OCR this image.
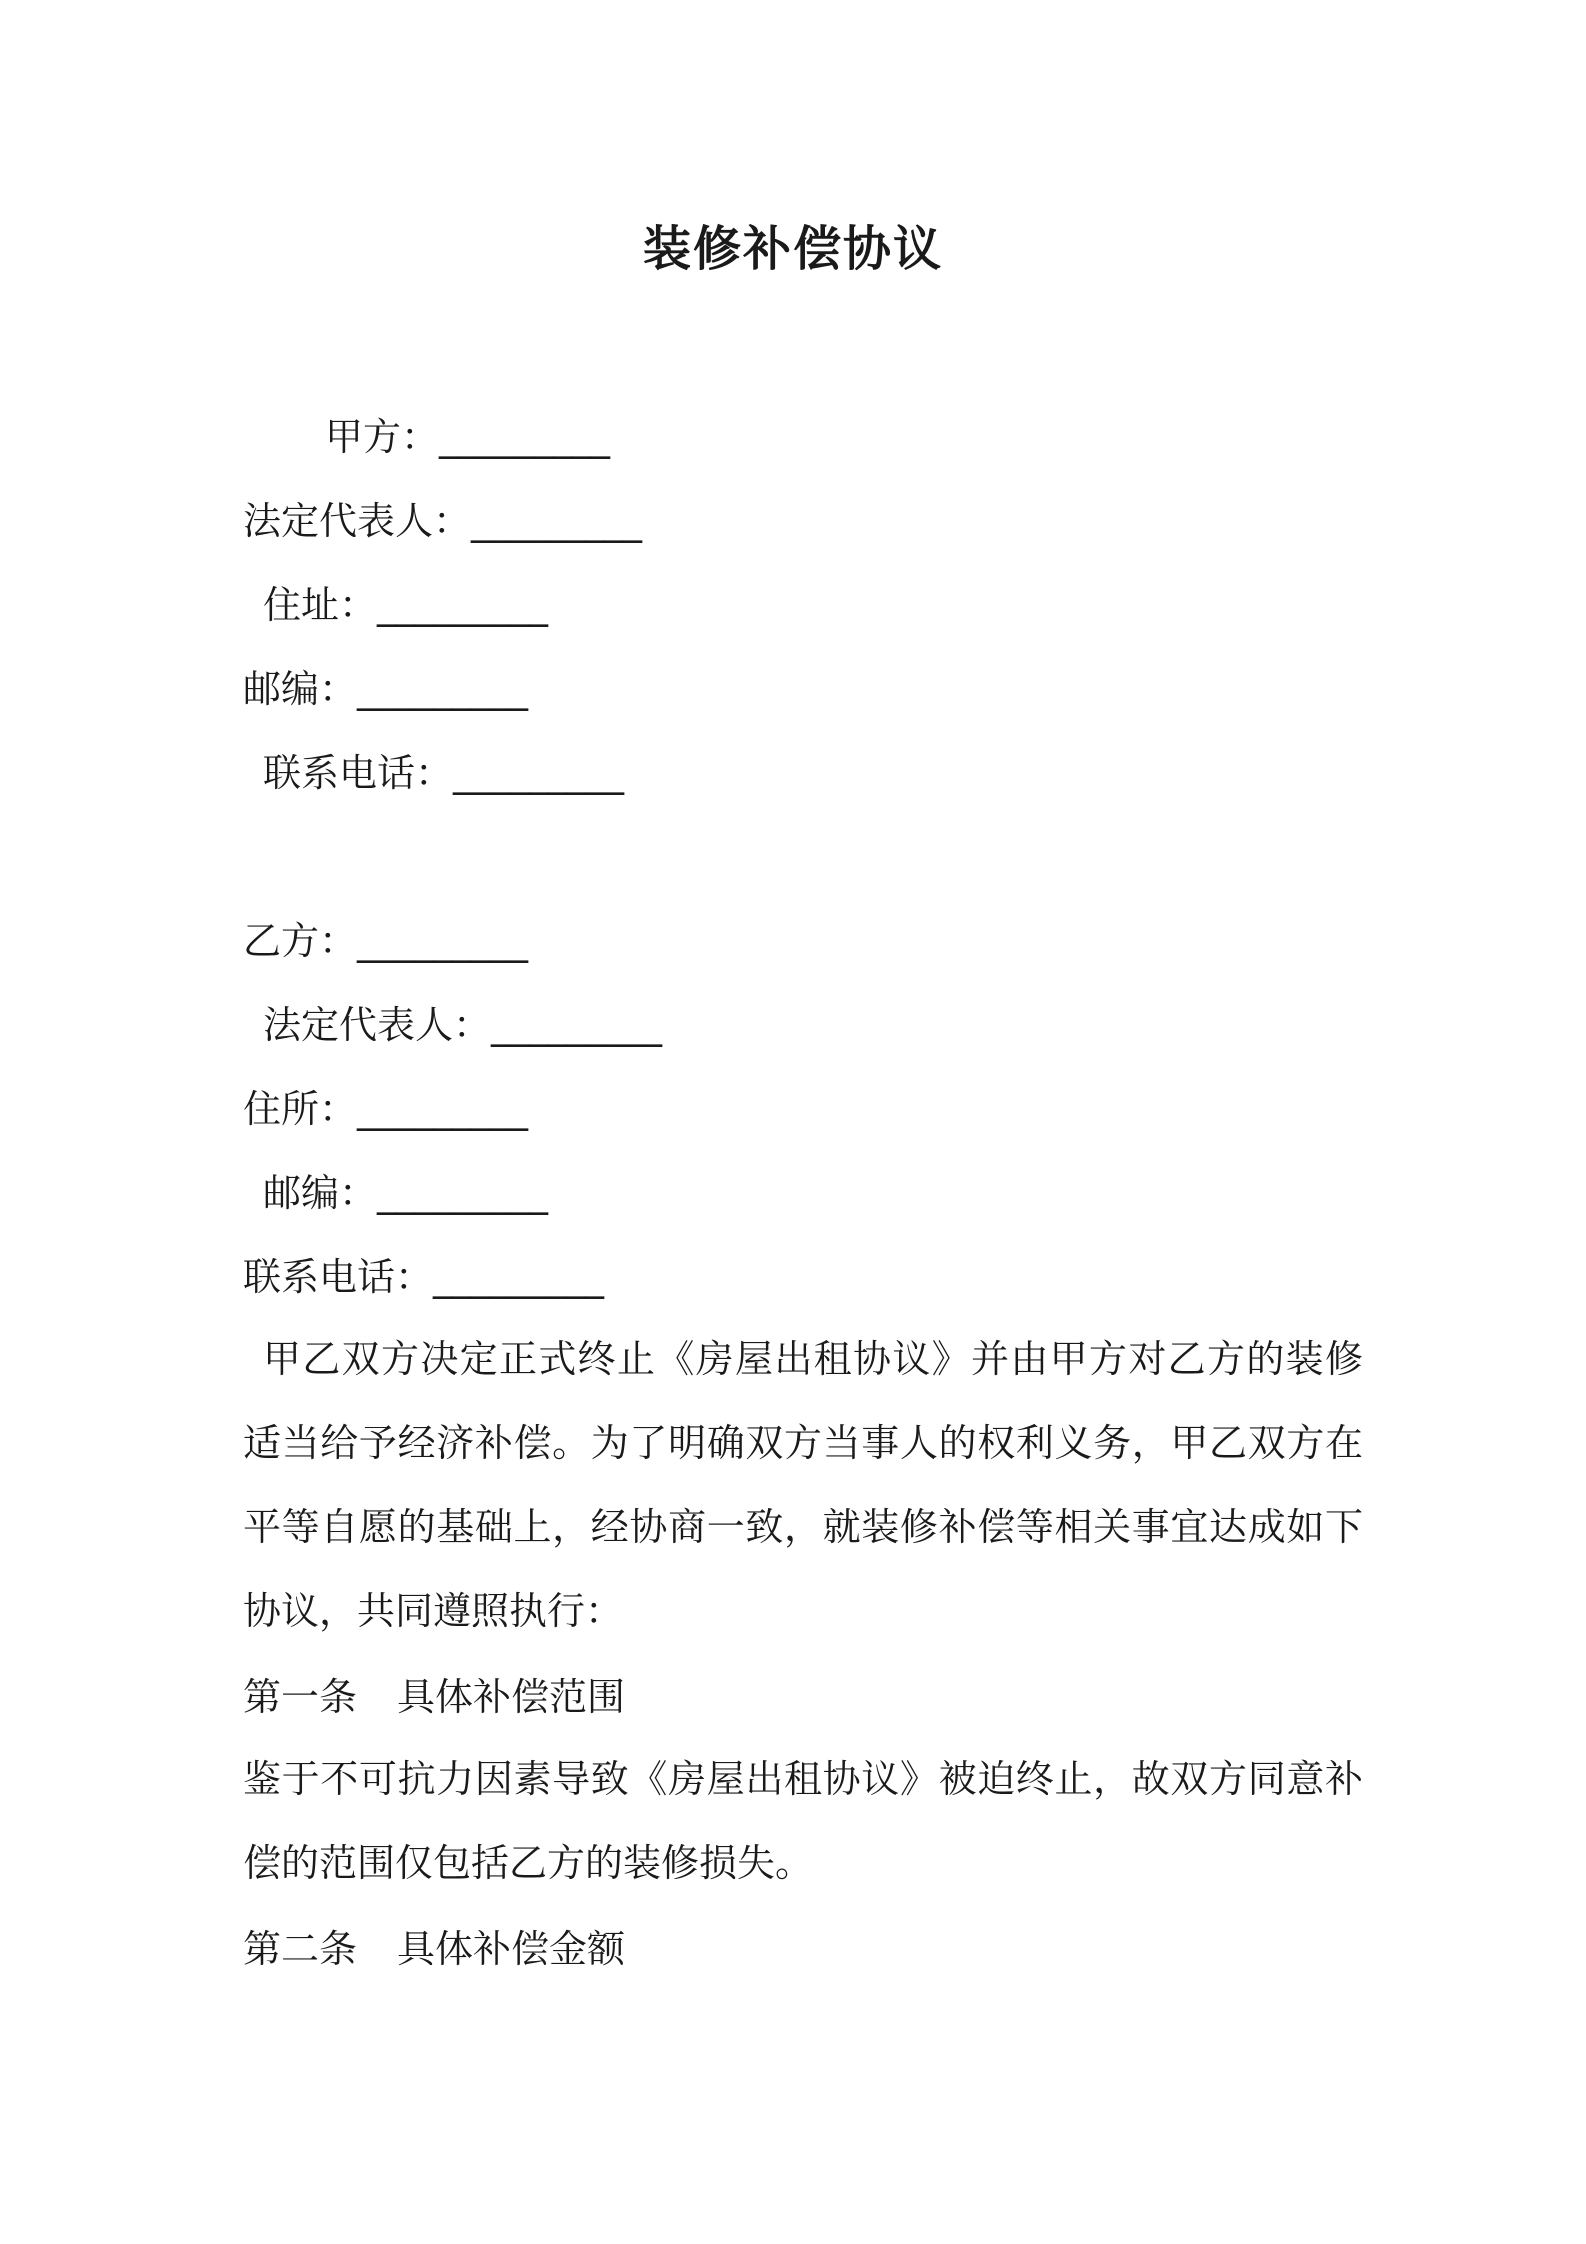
装修补偿协议
甲方：_________
法定代表人：_________
住址：_________
邮编：_________
联系电话：_________
乙方：_________
法定代表人：_________
住所：_________
邮编：_________
联系电话：_________
甲乙双方决定正式终止《房屋出租协议》并由甲方对乙方的装修适当给予经济补偿。为了明确双方当事人的权利义务，甲乙双方在平等自愿的基础上，经协商一致，就装修补偿等相关事宜达成如下协议，共同遵照执行：
第一条 具体补偿范围
鉴于不可抗力因素导致《房屋出租协议》被迫终止，故双方同意补偿的范围仅包括乙方的装修损失。
第二条 具体补偿金额
